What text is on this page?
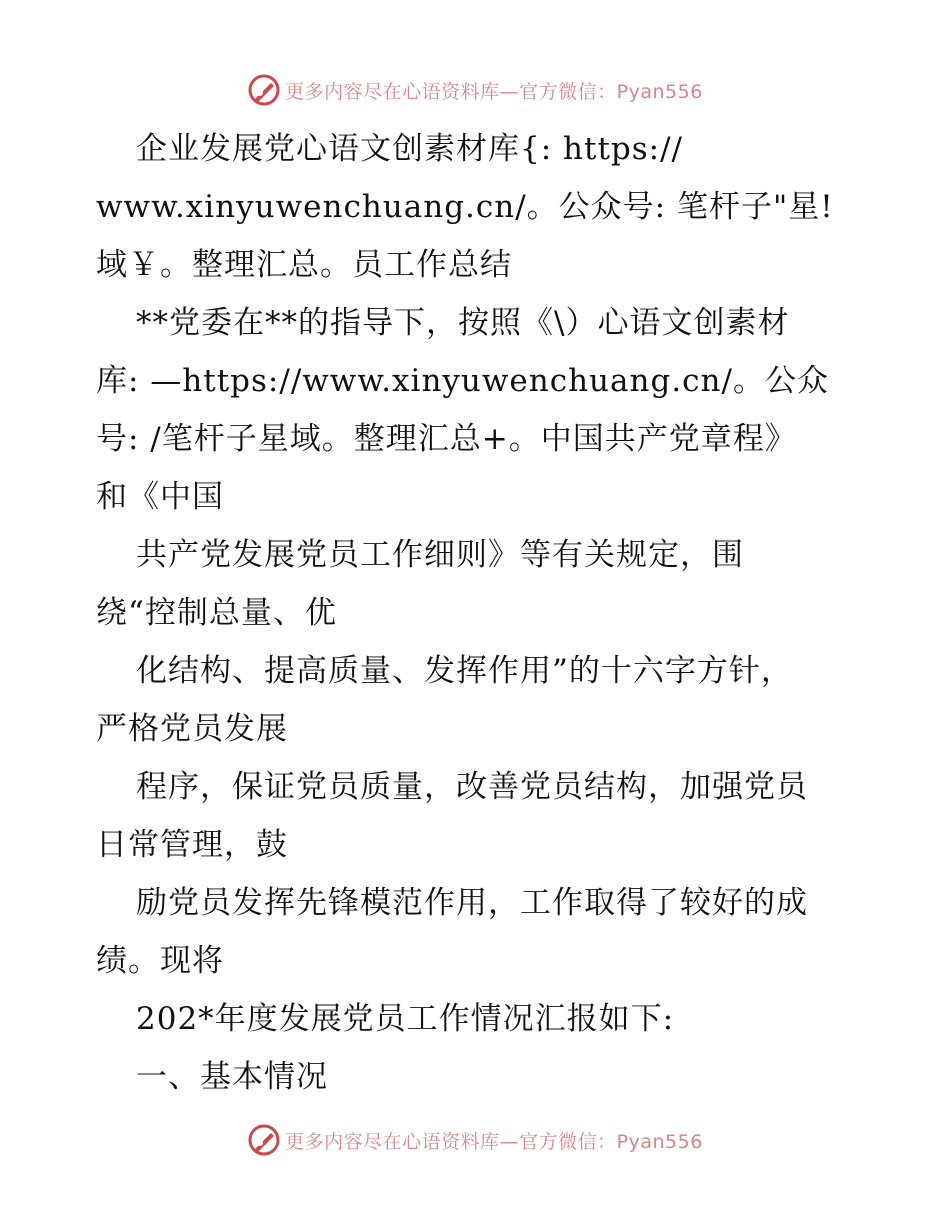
更多内容尽在心语资料库—官方微信：Pyan556
企业发展党心语文创素材库{: https://
www.xinyuwenchuang.cn/。公众号: 笔杆子"星!
域￥。整理汇总。员工作总结
**党委在**的指导下，按照《\）心语文创素材
库: —https://www.xinyuwenchuang.cn/。公众
号: /笔杆子星域。整理汇总+。中国共产党章程》
和《中国
共产党发展党员工作细则》等有关规定，围
绕“控制总量、优
化结构、提高质量、发挥作用”的十六字方针，
严格党员发展
程序，保证党员质量，改善党员结构，加强党员
日常管理，鼓
励党员发挥先锋模范作用，工作取得了较好的成
绩。现将
202*年度发展党员工作情况汇报如下:
一、基本情况
更多内容尽在心语资料库—官方微信：Pyan556
